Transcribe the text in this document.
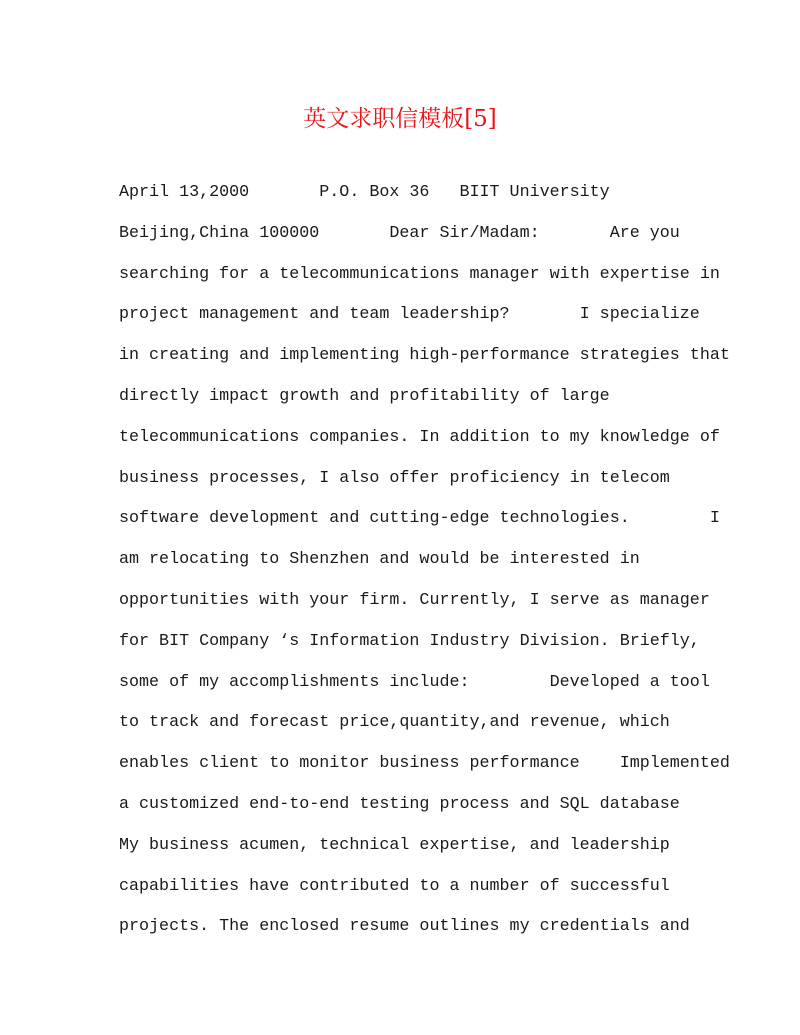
英文求职信模板[5]
April 13,2000       P.O. Box 36   BIIT University
Beijing,China 100000       Dear Sir/Madam:       Are you
searching for a telecommunications manager with expertise in
project management and team leadership?       I specialize
in creating and implementing high-performance strategies that
directly impact growth and profitability of large
telecommunications companies. In addition to my knowledge of
business processes, I also offer proficiency in telecom
software development and cutting-edge technologies.        I
am relocating to Shenzhen and would be interested in
opportunities with your firm. Currently, I serve as manager
for BIT Company ‘s Information Industry Division. Briefly,
some of my accomplishments include:        Developed a tool
to track and forecast price,quantity,and revenue, which
enables client to monitor business performance    Implemented
a customized end-to-end testing process and SQL database
My business acumen, technical expertise, and leadership
capabilities have contributed to a number of successful
projects. The enclosed resume outlines my credentials and
